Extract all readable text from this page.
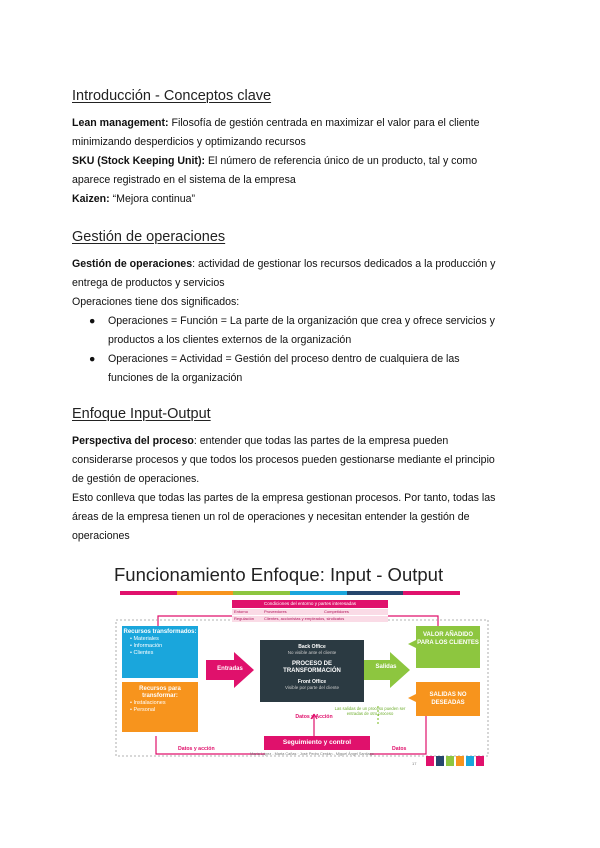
Introducción - Conceptos clave
Lean management: Filosofía de gestión centrada en maximizar el valor para el cliente
minimizando desperdicios y optimizando recursos
SKU (Stock Keeping Unit): El número de referencia único de un producto, tal y como
aparece registrado en el sistema de la empresa
Kaizen: “Mejora continua”
Gestión de operaciones
Gestión de operaciones: actividad de gestionar los recursos dedicados a la producción y
entrega de productos y servicios
Operaciones tiene dos significados:
● Operaciones = Función = La parte de la organización que crea y ofrece servicios y
productos a los clientes externos de la organización
● Operaciones = Actividad = Gestión del proceso dentro de cualquiera de las
funciones de la organización
Enfoque Input-Output
Perspectiva del proceso: entender que todas las partes de la empresa pueden
considerarse procesos y que todos los procesos pueden gestionarse mediante el principio
de gestión de operaciones.
Esto conlleva que todas las partes de la empresa gestionan procesos. Por tanto, todas las
áreas de la empresa tienen un rol de operaciones y necesitan entender la gestión de
operaciones
Funcionamiento Enfoque: Input - Output
Condiciones del entorno y partes interesadas
Entorno	Proveedores	Competidores
Regulación	Clientes, accionistas y empleados, sindicatos
Recursos transformados:
• Materiales
• Información
• Clientes
Recursos para transformar:
• Instalaciones
• Personal
Entradas
Back Office
No visible ante el cliente
PROCESO DE TRANSFORMACIÓN
Front Office
Visible por parte del cliente
Salidas
VALOR AÑADIDO PARA LOS CLIENTES
SALIDAS NO DESEADAS
Las salidas de un proceso pueden ser entradas de otro proceso
Datos y Acción
Seguimiento y control
Datos y acción	Datos
María López - Marta Cañas · José Pedro Cerdán - Miguel Ángel Santiago
17
